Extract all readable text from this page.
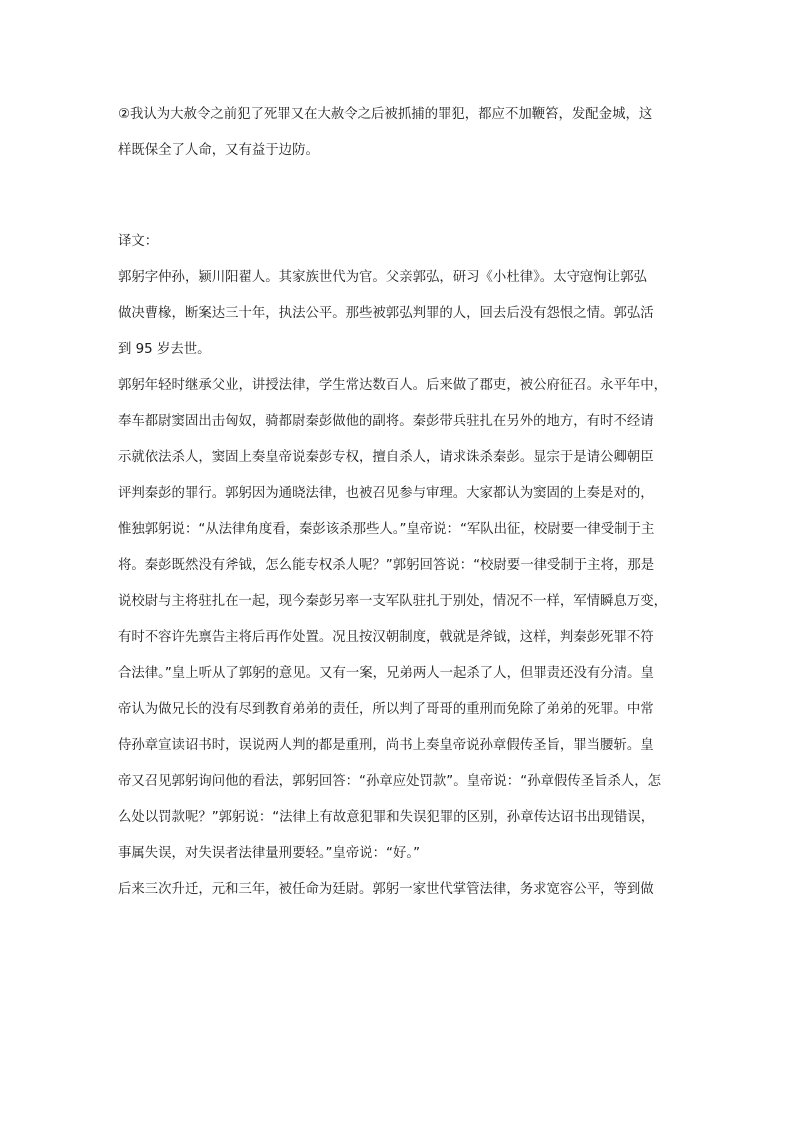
②我认为大赦令之前犯了死罪又在大赦令之后被抓捕的罪犯，都应不加鞭笞，发配金城，这
样既保全了人命，又有益于边防。
译文：
郭躬字仲孙，颍川阳翟人。其家族世代为官。父亲郭弘，研习《小杜律》。太守寇恂让郭弘
做决曹椽，断案达三十年，执法公平。那些被郭弘判罪的人，回去后没有怨恨之情。郭弘活
到 95 岁去世。
郭躬年轻时继承父业，讲授法律，学生常达数百人。后来做了郡吏，被公府征召。永平年中，
奉车都尉窦固出击匈奴，骑都尉秦彭做他的副将。秦彭带兵驻扎在另外的地方，有时不经请
示就依法杀人，窦固上奏皇帝说秦彭专权，擅自杀人，请求诛杀秦彭。显宗于是请公卿朝臣
评判秦彭的罪行。郭躬因为通晓法律，也被召见参与审理。大家都认为窦固的上奏是对的，
惟独郭躬说：“从法律角度看，秦彭该杀那些人。”皇帝说：“军队出征，校尉要一律受制于主
将。秦彭既然没有斧钺，怎么能专权杀人呢？”郭躬回答说：“校尉要一律受制于主将，那是
说校尉与主将驻扎在一起，现今秦彭另率一支军队驻扎于别处，情况不一样，军情瞬息万变，
有时不容许先禀告主将后再作处置。况且按汉朝制度，戟就是斧钺，这样，判秦彭死罪不符
合法律。”皇上听从了郭躬的意见。又有一案，兄弟两人一起杀了人，但罪责还没有分清。皇
帝认为做兄长的没有尽到教育弟弟的责任，所以判了哥哥的重刑而免除了弟弟的死罪。中常
侍孙章宣读诏书时，误说两人判的都是重刑，尚书上奏皇帝说孙章假传圣旨，罪当腰斩。皇
帝又召见郭躬询问他的看法，郭躬回答：“孙章应处罚款”。皇帝说：“孙章假传圣旨杀人，怎
么处以罚款呢？”郭躬说：“法律上有故意犯罪和失误犯罪的区别，孙章传达诏书出现错误，
事属失误，对失误者法律量刑要轻。”皇帝说：“好。”
后来三次升迁，元和三年，被任命为廷尉。郭躬一家世代掌管法律，务求宽容公平，等到做
